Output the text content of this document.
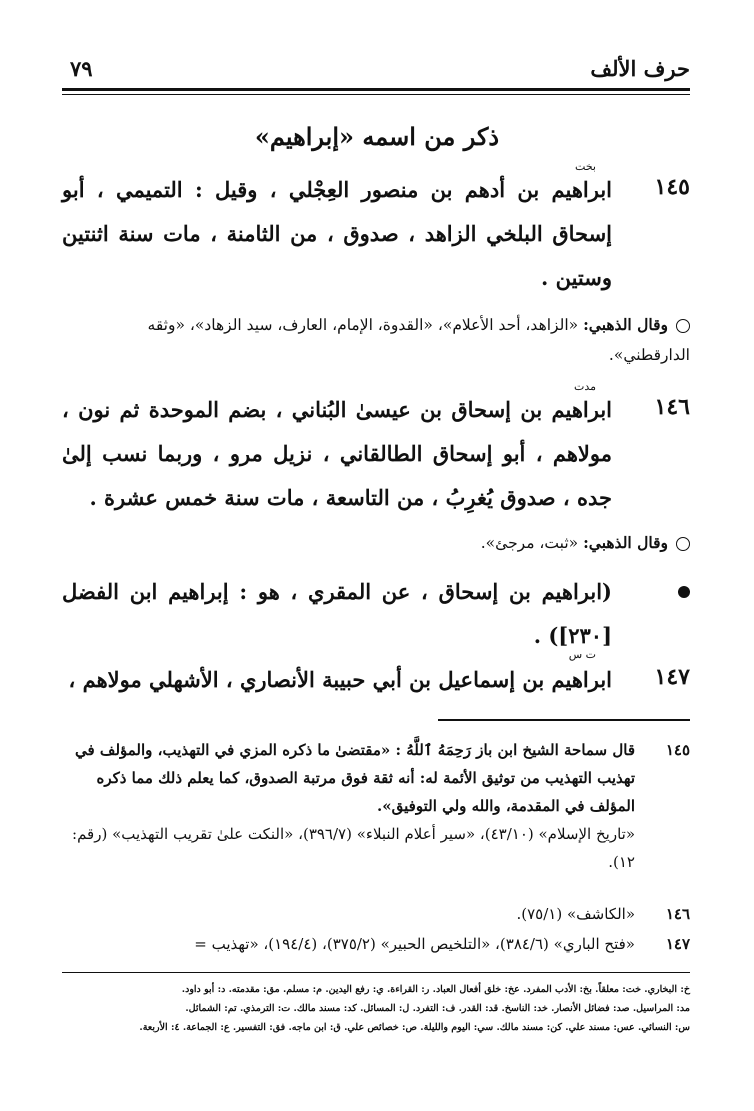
حرف الألف
٧٩
ذكر من اسمه «إبراهيم»
١٤٥
بخت
ابراهيم بن أدهم بن منصور العِجْلي ، وقيل : التميمي ، أبو إسحاق البلخي الزاهد ، صدوق ، من الثامنة ، مات سنة اثنتين وستين .
وقال الذهبي: «الزاهد، أحد الأعلام»، «القدوة، الإمام، العارف، سيد الزهاد»، «وثقه الدارقطني».
١٤٦
مدت
ابراهيم بن إسحاق بن عيسىٰ البُناني ، بضم الموحدة ثم نون ، مولاهم ، أبو إسحاق الطالقاني ، نزيل مرو ، وربما نسب إلىٰ جده ، صدوق يُغرِبُ ، من التاسعة ، مات سنة خمس عشرة .
وقال الذهبي: «ثبت، مرجئ».
(ابراهيم بن إسحاق ، عن المقري ، هو : إبراهيم ابن الفضل [٢٣٠]) .
١٤٧
ت س
ابراهيم بن إسماعيل بن أبي حبيبة الأنصاري ، الأشهلي مولاهم ،
١٤٥
قال سماحة الشيخ ابن باز رَحِمَهُ ٱللَّهُ : «مقتضىٰ ما ذكره المزي في التهذيب، والمؤلف في تهذيب التهذيب من توثيق الأئمة له: أنه ثقة فوق مرتبة الصدوق، كما يعلم ذلك مما ذكره المؤلف في المقدمة، والله ولي التوفيق».
«تاريخ الإسلام» (٤٣/١٠)، «سير أعلام النبلاء» (٣٩٦/٧)، «النكت علىٰ تقريب التهذيب» (رقم: ١٢).
١٤٦
«الكاشف» (٧٥/١).
١٤٧
«فتح الباري» (٣٨٤/٦)، «التلخيص الحبير» (٣٧٥/٢)، (١٩٤/٤)، «تهذيب =
خ: البخاري. خت: معلقاً. بخ: الأدب المفرد. عخ: خلق أفعال العباد. ر: القراءة. ي: رفع اليدين. م: مسلم. مق: مقدمته. د: أبو داود.
مد: المراسيل. صد: فضائل الأنصار. خد: الناسخ. قد: القدر. ف: التفرد. ل: المسائل. كد: مسند مالك. ت: الترمذي. تم: الشمائل.
س: النسائي. عس: مسند علي. كن: مسند مالك. سي: اليوم والليلة. ص: خصائص علي. ق: ابن ماجه. فق: التفسير. ع: الجماعة. ٤: الأربعة.
